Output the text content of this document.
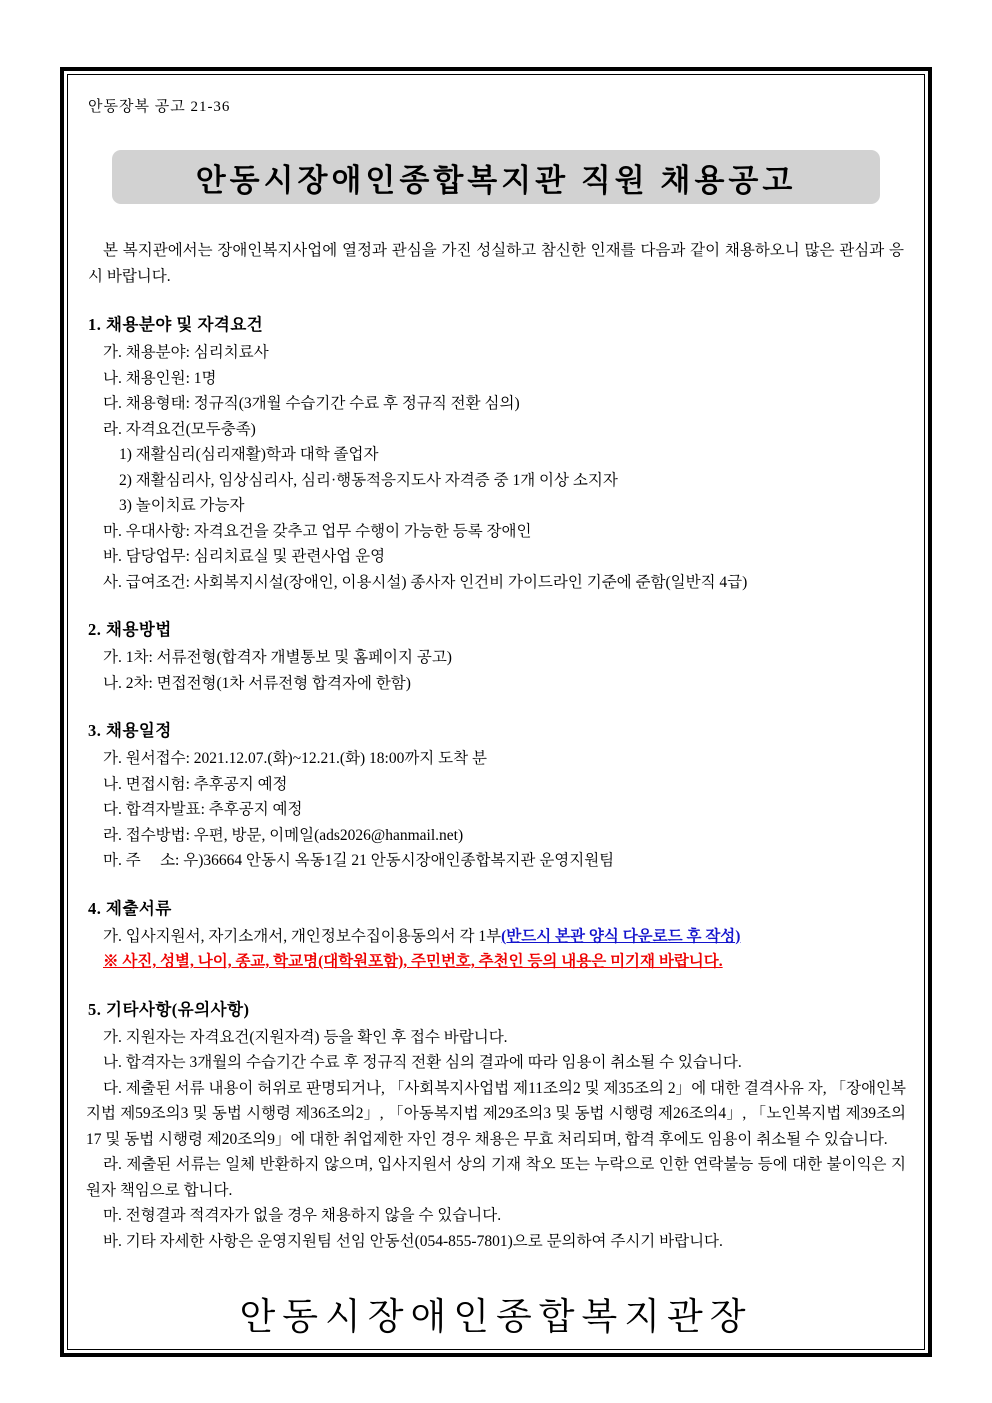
안동장복 공고 21-36
안동시장애인종합복지관 직원 채용공고

본 복지관에서는 장애인복지사업에 열정과 관심을 가진 성실하고 참신한 인재를 다음과 같이 채용하오니 많은 관심과 응시 바랍니다.

1. 채용분야 및 자격요건
가. 채용분야: 심리치료사
나. 채용인원: 1명
다. 채용형태: 정규직(3개월 수습기간 수료 후 정규직 전환 심의)
라. 자격요건(모두충족)
1) 재활심리(심리재활)학과 대학 졸업자
2) 재활심리사, 임상심리사, 심리·행동적응지도사 자격증 중 1개 이상 소지자
3) 놀이치료 가능자
마. 우대사항: 자격요건을 갖추고 업무 수행이 가능한 등록 장애인
바. 담당업무: 심리치료실 및 관련사업 운영
사. 급여조건: 사회복지시설(장애인, 이용시설) 종사자 인건비 가이드라인 기준에 준함(일반직 4급)
2. 채용방법
가. 1차: 서류전형(합격자 개별통보 및 홈페이지 공고)
나. 2차: 면접전형(1차 서류전형 합격자에 한함)
3. 채용일정
가. 원서접수: 2021.12.07.(화)~12.21.(화) 18:00까지 도착 분
나. 면접시험: 추후공지 예정
다. 합격자발표: 추후공지 예정
라. 접수방법: 우편, 방문, 이메일(ads2026@hanmail.net)
마. 주     소: 우)36664 안동시 옥동1길 21 안동시장애인종합복지관 운영지원팀
4. 제출서류
가. 입사지원서, 자기소개서, 개인정보수집이용동의서 각 1부(반드시 본관 양식 다운로드 후 작성)
※ 사진, 성별, 나이, 종교, 학교명(대학원포함), 주민번호, 추천인 등의 내용은 미기재 바랍니다.
5. 기타사항(유의사항)
가. 지원자는 자격요건(지원자격) 등을 확인 후 접수 바랍니다.
나. 합격자는 3개월의 수습기간 수료 후 정규직 전환 심의 결과에 따라 임용이 취소될 수 있습니다.
다. 제출된 서류 내용이 허위로 판명되거나, 「사회복지사업법 제11조의2 및 제35조의 2」에 대한 결격사유 자, 「장애인복지법 제59조의3 및 동법 시행령 제36조의2」, 「아동복지법 제29조의3 및 동법 시행령 제26조의4」, 「노인복지법 제39조의17 및 동법 시행령 제20조의9」에 대한 취업제한 자인 경우 채용은 무효 처리되며, 합격 후에도 임용이 취소될 수 있습니다.
라. 제출된 서류는 일체 반환하지 않으며, 입사지원서 상의 기재 착오 또는 누락으로 인한 연락불능 등에 대한 불이익은 지원자 책임으로 합니다.
마. 전형결과 적격자가 없을 경우 채용하지 않을 수 있습니다.
바. 기타 자세한 사항은 운영지원팀 선임 안동선(054-855-7801)으로 문의하여 주시기 바랍니다.
안동시장애인종합복지관장
